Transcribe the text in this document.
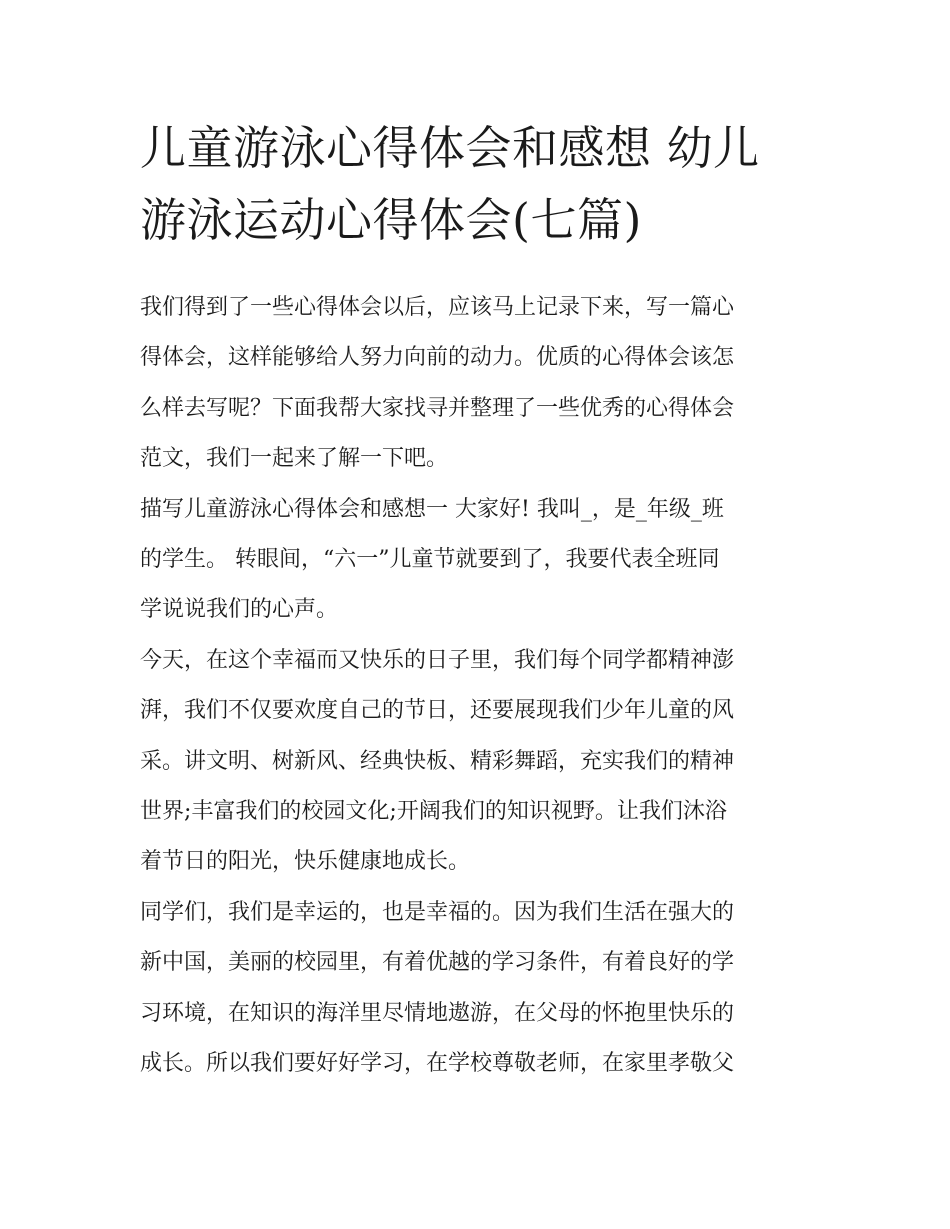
儿童游泳心得体会和感想 幼儿
游泳运动心得体会(七篇)

我们得到了一些心得体会以后，应该马上记录下来，写一篇心
得体会，这样能够给人努力向前的动力。优质的心得体会该怎
么样去写呢？下面我帮大家找寻并整理了一些优秀的心得体会
范文，我们一起来了解一下吧。

描写儿童游泳心得体会和感想一 大家好! 我叫_，是_年级_班
的学生。 转眼间，“六一”儿童节就要到了，我要代表全班同
学说说我们的心声。

今天，在这个幸福而又快乐的日子里，我们每个同学都精神澎
湃，我们不仅要欢度自己的节日，还要展现我们少年儿童的风
采。讲文明、树新风、经典快板、精彩舞蹈，充实我们的精神
世界;丰富我们的校园文化;开阔我们的知识视野。让我们沐浴
着节日的阳光，快乐健康地成长。

同学们，我们是幸运的，也是幸福的。因为我们生活在强大的
新中国，美丽的校园里，有着优越的学习条件，有着良好的学
习环境，在知识的海洋里尽情地遨游，在父母的怀抱里快乐的
成长。所以我们要好好学习，在学校尊敬老师，在家里孝敬父
